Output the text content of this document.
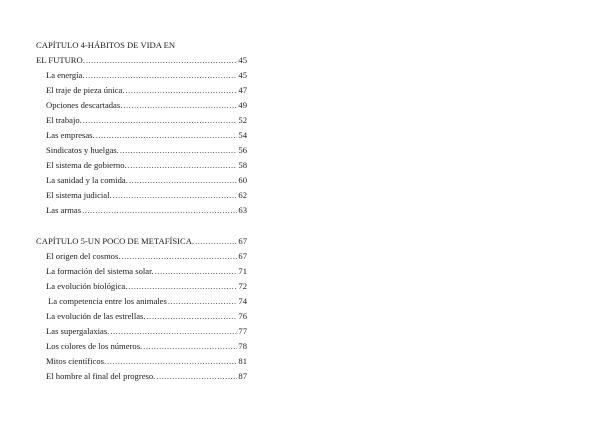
CAPÍTULO 4-HÁBITOS DE VIDA EN
EL FUTURO. .....	45
La energía. .....	45
El traje de pieza única. .....	47
Opciones descartadas. .....	49
El trabajo. .....	52
Las empresas. .....	54
Sindicatos y huelgas. .....	56
El sistema de gobierno. .....	58
La sanidad y la comida. .....	60
El sistema judicial. .....	62
Las armas .....	63
CAPÍTULO 5-UN POCO DE METAFÍSICA. .....	67
El origen del cosmos. .....	67
La formación del sistema solar. .....	71
La evolución biológica. .....	72
La competencia entre los animales .....	74
La evolución de las estrellas. .....	76
Las supergalaxias. .....	77
Los colores de los números. .....	78
Mitos científicos. .....	81
El hombre al final del progreso. .....	87
